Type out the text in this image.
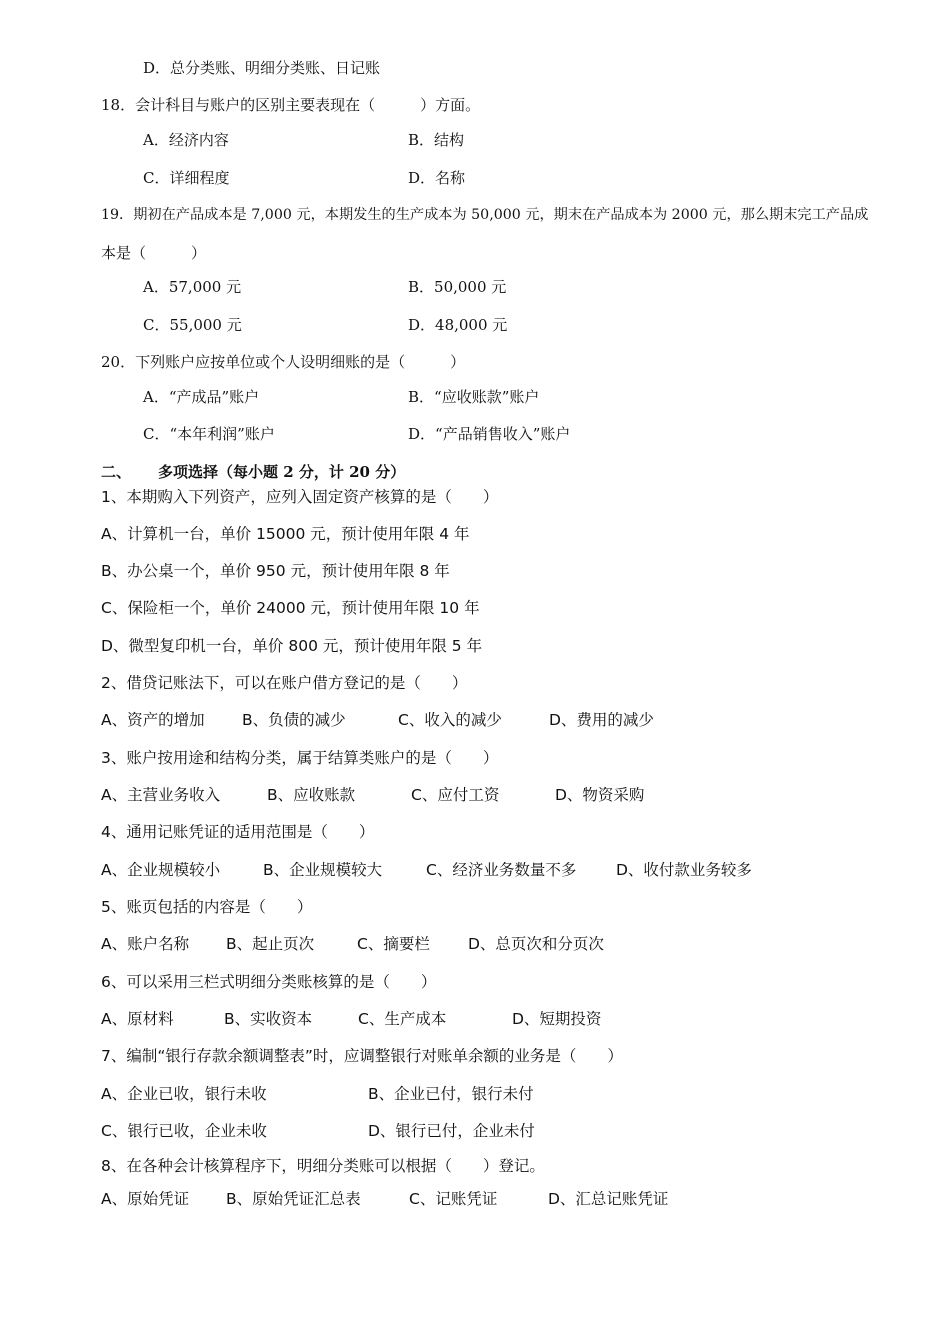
D．总分类账、明细分类账、日记账
18．会计科目与账户的区别主要表现在（　　　）方面。
A．经济内容	B．结构
C．详细程度	D．名称
19．期初在产品成本是 7,000 元，本期发生的生产成本为 50,000 元，期末在产品成本为 2000 元，那么期末完工产品成
本是（　　　）
A．57,000 元	B．50,000 元
C．55,000 元	D．48,000 元
20．下列账户应按单位或个人设明细账的是（　　　）
A．“产成品”账户	B．“应收账款”账户
C．“本年利润”账户	D．“产品销售收入”账户
二、 多项选择（每小题 2 分，计 20 分）
1、本期购入下列资产，应列入固定资产核算的是（　　）
A、计算机一台，单价 15000 元，预计使用年限 4 年
B、办公桌一个，单价 950 元，预计使用年限 8 年
C、保险柜一个，单价 24000 元，预计使用年限 10 年
D、微型复印机一台，单价 800 元，预计使用年限 5 年
2、借贷记账法下，可以在账户借方登记的是（　　）
A、资产的增加 B、负债的减少	C、收入的减少	D、费用的减少
3、账户按用途和结构分类，属于结算类账户的是（　　）
A、主营业务收入	B、应收账款	C、应付工资	D、物资采购
4、通用记账凭证的适用范围是（　　）
A、企业规模较小	B、企业规模较大	C、经济业务数量不多	D、收付款业务较多
5、账页包括的内容是（　　）
A、账户名称 B、起止页次	C、摘要栏 D、总页次和分页次
6、可以采用三栏式明细分类账核算的是（　　）
A、原材料	B、实收资本	C、生产成本	D、短期投资
7、编制“银行存款余额调整表”时，应调整银行对账单余额的业务是（　　）
A、企业已收，银行未收	B、企业已付，银行未付
C、银行已收，企业未收	D、银行已付，企业未付
8、在各种会计核算程序下，明细分类账可以根据（　　）登记。
A、原始凭证 B、原始凭证汇总表	C、记账凭证	D、汇总记账凭证
